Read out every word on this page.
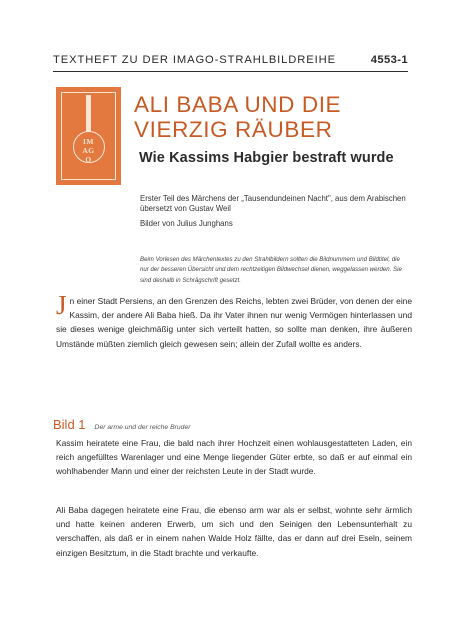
TEXTHEFT ZU DER IMAGO-STRAHLBILDREIHE	4553-1
IM
AG
O
ALI BABA UND DIE
VIERZIG RÄUBER
Wie Kassims Habgier bestraft wurde
Erster Teil des Märchens der „Tausendundeinen Nacht", aus dem Arabischen übersetzt von Gustav Weil
Bilder von Julius Junghans
Beim Vorlesen des Märchentextes zu den Strahlbildern sollten die Bildnummern und Bildtitel, die nur der besseren Übersicht und dem rechtzeitigen Bildwechsel dienen, weggelassen werden. Sie sind deshalb in Schrägschrift gesetzt.
Jn einer Stadt Persiens, an den Grenzen des Reichs, lebten zwei Brüder, von denen der eine Kassim, der andere Ali Baba hieß. Da ihr Vater ihnen nur wenig Vermögen hinterlassen und sie dieses wenige gleichmäßig unter sich verteilt hatten, so sollte man denken, ihre äußeren Umstände müßten ziemlich gleich gewesen sein; allein der Zufall wollte es anders.
Bild 1 Der arme und der reiche Bruder
Kassim heiratete eine Frau, die bald nach ihrer Hochzeit einen wohlausgestatteten Laden, ein reich angefülltes Warenlager und eine Menge liegender Güter erbte, so daß er auf einmal ein wohlhabender Mann und einer der reichsten Leute in der Stadt wurde.
Ali Baba dagegen heiratete eine Frau, die ebenso arm war als er selbst, wohnte sehr ärmlich und hatte keinen anderen Erwerb, um sich und den Seinigen den Lebensunterhalt zu verschaffen, als daß er in einem nahen Walde Holz fällte, das er dann auf drei Eseln, seinem einzigen Besitztum, in die Stadt brachte und verkaufte.
